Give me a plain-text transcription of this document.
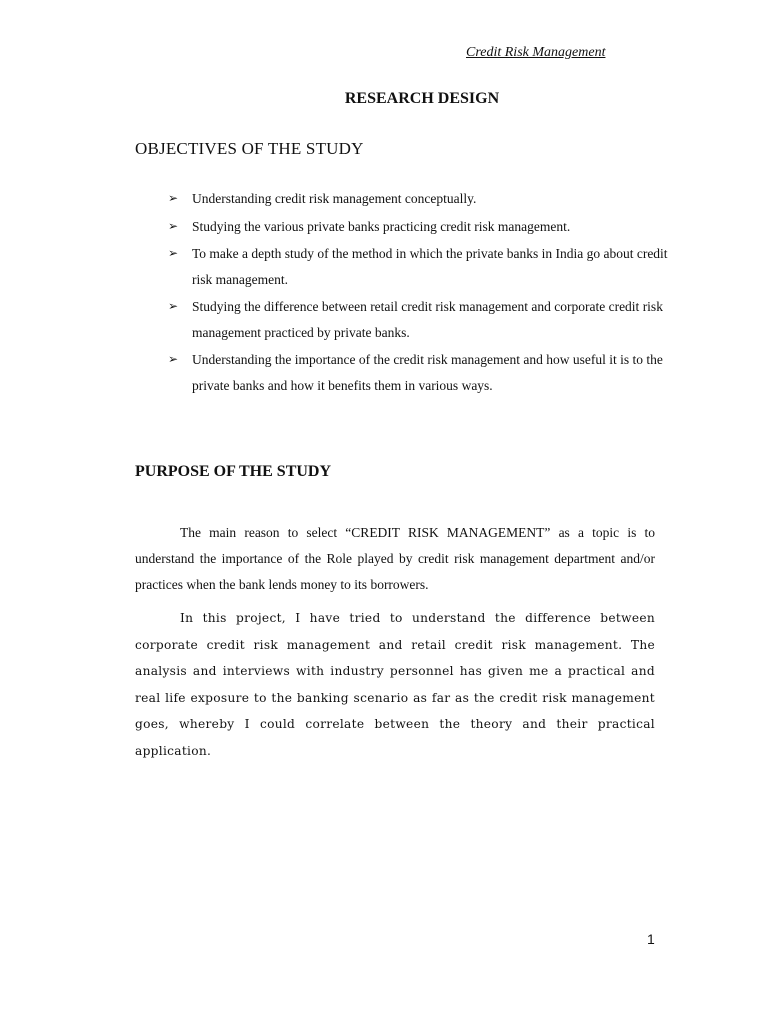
Credit Risk Management
RESEARCH DESIGN
OBJECTIVES OF THE STUDY
➢ Understanding credit risk management conceptually.
➢ Studying the various private banks practicing credit risk management.
➢ To make a depth study of the method in which the private banks in India go about credit risk management.
➢ Studying the difference between retail credit risk management and corporate credit risk management practiced by private banks.
➢ Understanding the importance of the credit risk management and how useful it is to the private banks and how it benefits them in various ways.
PURPOSE OF THE STUDY

The main reason to select “CREDIT RISK MANAGEMENT” as a topic is to understand the importance of the Role played by credit risk management department and/or practices when the bank lends money to its borrowers.

In this project, I have tried to understand the difference between corporate credit risk management and retail credit risk management. The analysis and interviews with industry personnel has given me a practical and real life exposure to the banking scenario as far as the credit risk management goes, whereby I could correlate between the theory and their practical application.

1
